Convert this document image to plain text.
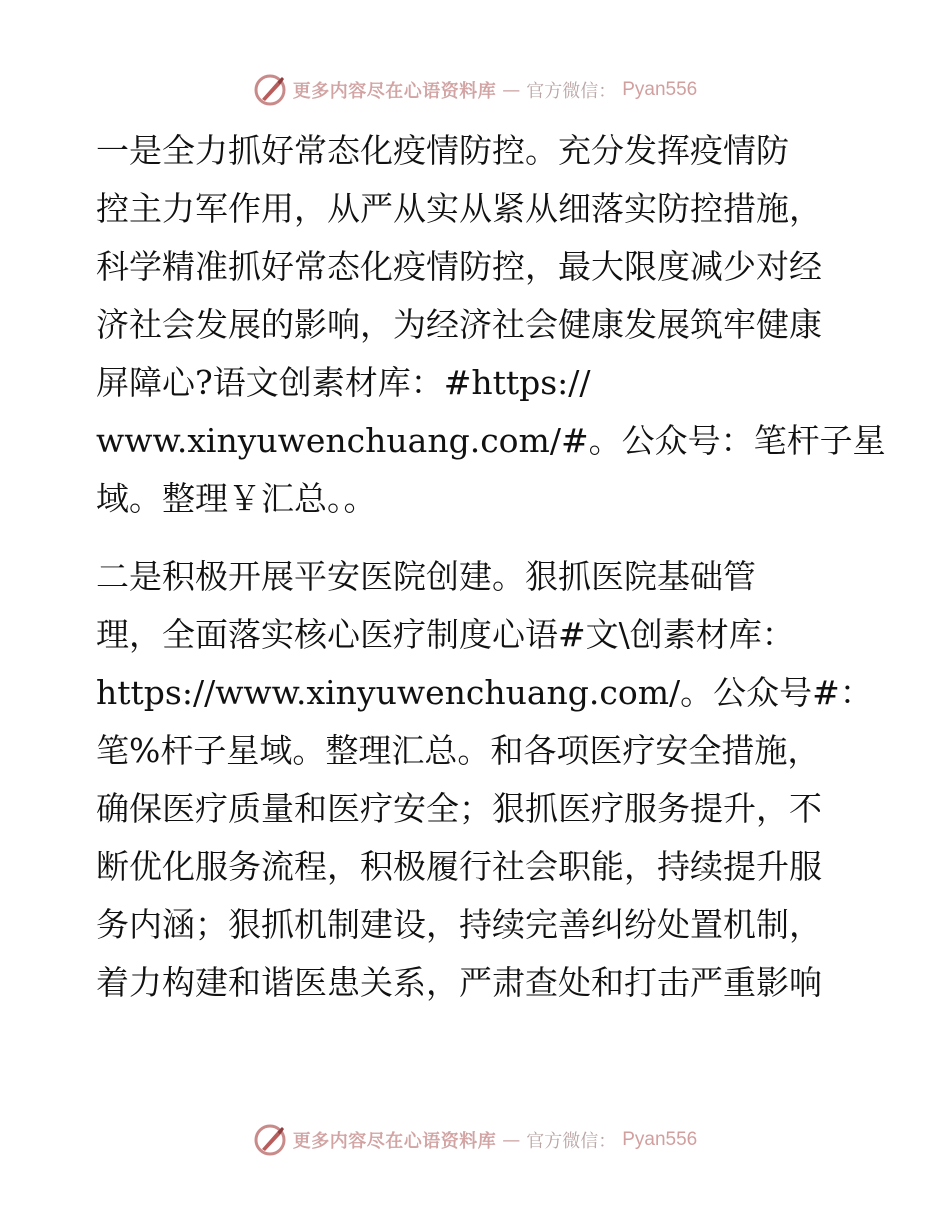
更多内容尽在心语资料库 — 官方微信： Pyan556

一是全力抓好常态化疫情防控。充分发挥疫情防
控主力军作用，从严从实从紧从细落实防控措施，
科学精准抓好常态化疫情防控，最大限度减少对经
济社会发展的影响，为经济社会健康发展筑牢健康
屏障心?语文创素材库：#https://
www.xinyuwenchuang.com/#。公众号：笔杆子星
域。整理￥汇总。。

二是积极开展平安医院创建。狠抓医院基础管
理，全面落实核心医疗制度心语#文\创素材库：
https://www.xinyuwenchuang.com/。公众号#：
笔%杆子星域。整理汇总。和各项医疗安全措施，
确保医疗质量和医疗安全；狠抓医疗服务提升，不
断优化服务流程，积极履行社会职能，持续提升服
务内涵；狠抓机制建设，持续完善纠纷处置机制，
着力构建和谐医患关系，严肃查处和打击严重影响

更多内容尽在心语资料库 — 官方微信： Pyan556
